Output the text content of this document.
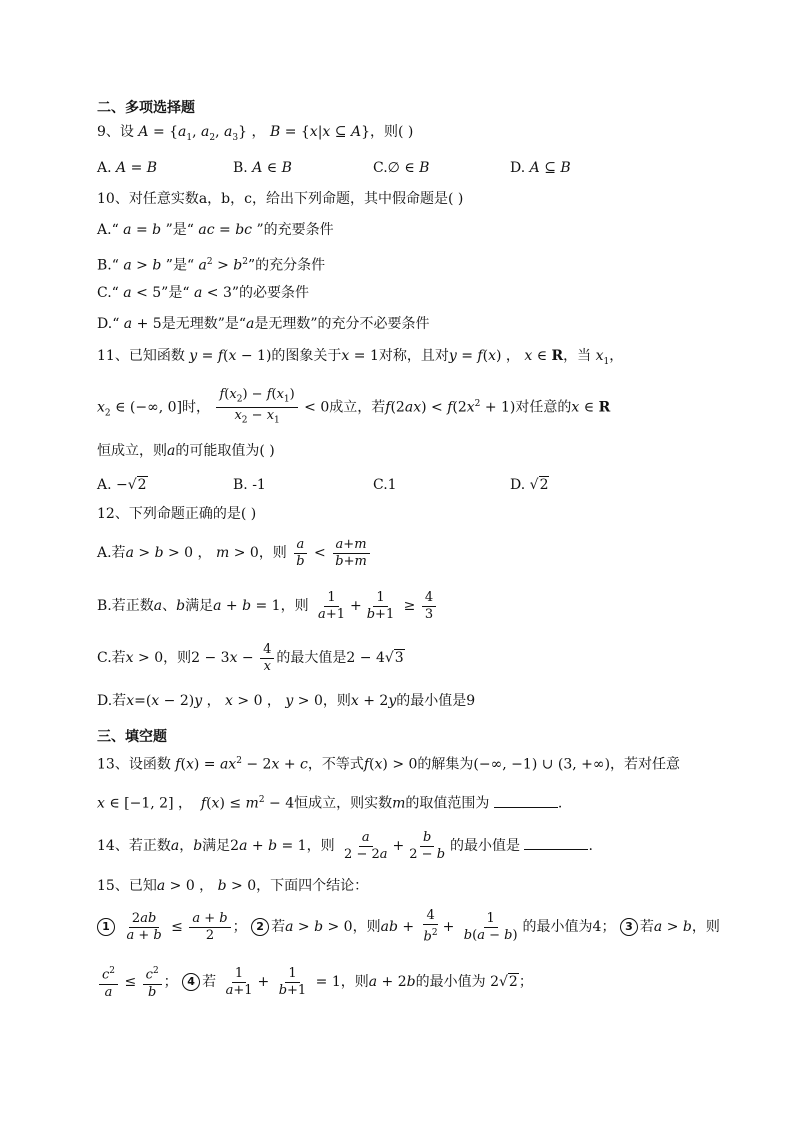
二、多项选择题
9、设 $A = \{a_1$, $a_2$, $a_3$} ， B = {x|x ⊆ A}，则( )
A. A = B	B. A ∈ B	C.∅ ∈ B	D. A ⊆ B
10、对任意实数a，b，c，给出下列命题，其中假命题是( )
A.“ a = b ”是“ ac = bc ”的充要条件
B.“ a > b ”是“ $a^2 > b^2$”的充分条件
C.“ a < 5”是“ a < 3”的必要条件
D.“ a + 5是无理数”是“a是无理数”的充分不必要条件
11、已知函数 y = f(x − 1)的图象关于x = 1对称，且对y = f(x) ， x ∈ R，当 $x_1$，
$x_2$ ∈ (−∞, 0]时， $\frac{f(x_2) - f(x_1)}{x_2 - x_1} < 0$成立，若$f(2ax) < f(2x^2 + 1)$对任意的x ∈ R
恒成立，则a的可能取值为( )
A. −√2	B. -1	C.1	D. √2
12、下列命题正确的是( )
A.若a > b > 0 ， m > 0，则 $\frac{a}{b} < \frac{a+m}{b+m}$
B.若正数a、b满足a + b = 1，则 $\frac{1}{a+1} + \frac{1}{b+1} \ge \frac{4}{3}$
C.若x > 0，则$2 - 3x - \frac{4}{x}$ 的最大值是2 − 4√3
D.若x=(x − 2)y ， x > 0 ， y > 0，则x + 2y的最小值是9
三、填空题
13、设函数 $f(x) = ax^2 - 2x + c$，不等式f(x) > 0的解集为(−∞, −1) ∪ (3, +∞)，若对任意
x ∈ [−1, 2] ，  $f(x) \le m^2 - 4$恒成立，则实数m的取值范围为	.
14、若正数a，b满足2a + b = 1，则 $\frac{a}{2 - 2a} + \frac{b}{2 - b}$ 的最小值是	.
15、已知a > 0 ， b > 0，下面四个结论：
$1 \frac{2ab}{a + b} \le \frac{a + b}{2}$ ； 2 若a > b > 0，则ab + $\frac{4}{b^2} + \frac{1}{b(a - b)}$ 的最小值为4； 3 若a > b，则
$\frac{c^2}{a} \le \frac{c^2}{b}$ ； 4 若 $\frac{1}{a+1} + \frac{1}{b+1} = 1$，则a + 2b的最小值为 2√2；
